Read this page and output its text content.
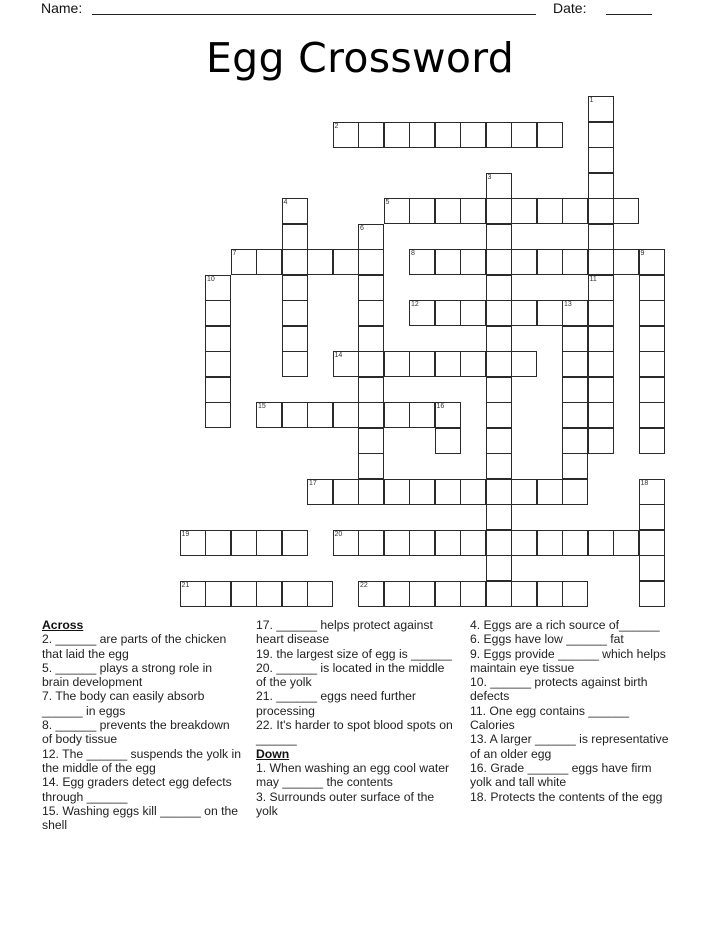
Name:	Date:
Egg Crossword
1
11
2
3
4	5
6
7	8	9
10
12	13
14
15	16
17	18
19	20
21	22
Across
2. ______ are parts of the chicken that laid the egg
5. ______ plays a strong role in brain development
7. The body can easily absorb ______ in eggs
8. ______ prevents the breakdown of body tissue
12. The ______ suspends the yolk in the middle of the egg
14. Egg graders detect egg defects through ______
15. Washing eggs kill ______ on the shell
17. ______ helps protect against heart disease
19. the largest size of egg is ______
20. ______ is located in the middle of the yolk
21. ______ eggs need further processing
22. It's harder to spot blood spots on ______
Down
1. When washing an egg cool water may ______ the contents
3. Surrounds outer surface of the yolk
4. Eggs are a rich source of______
6. Eggs have low ______ fat
9. Eggs provide ______ which helps maintain eye tissue
10. ______ protects against birth defects
11. One egg contains ______ Calories
13. A larger ______ is representative of an older egg
16. Grade ______ eggs have firm yolk and tall white
18. Protects the contents of the egg
